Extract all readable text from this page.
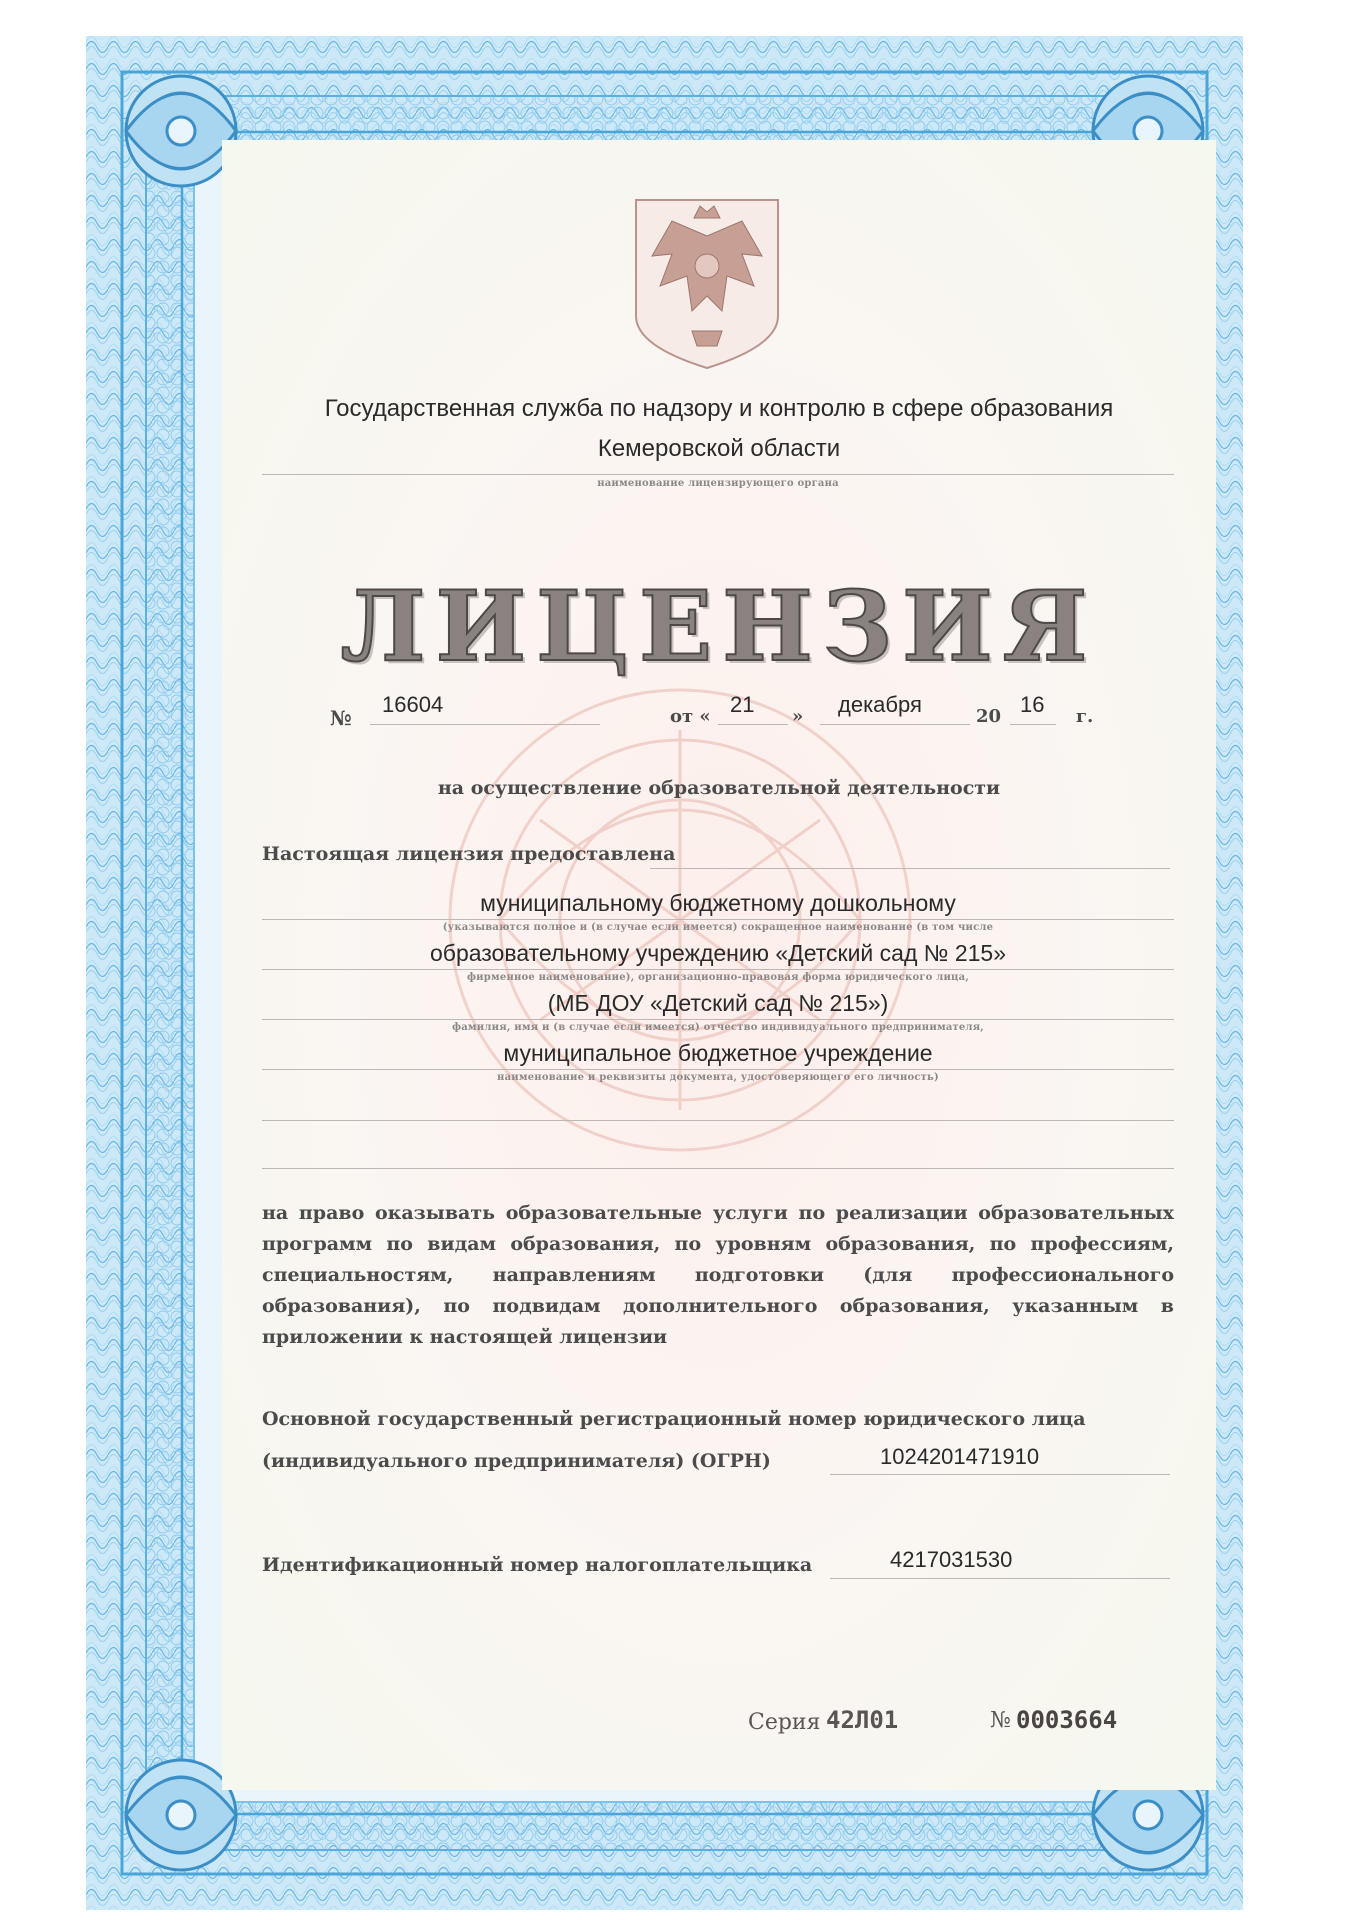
Государственная служба по надзору и контролю в сфере образования
Кемеровской области
наименование лицензирующего органа
ЛИЦЕНЗИЯ
№
16604	от « 21 » декабря	20 16 г.
на осуществление образовательной деятельности
Настоящая лицензия предоставлена
муниципальному бюджетному дошкольному
(указываются полное и (в случае если имеется) сокращенное наименование (в том числе
образовательному учреждению «Детский сад № 215»
фирменное наименование), организационно-правовая форма юридического лица,
(МБ ДОУ «Детский сад № 215»)
фамилия, имя и (в случае если имеется) отчество индивидуального предпринимателя,
муниципальное бюджетное учреждение
наименование и реквизиты документа, удостоверяющего его личность)
на право оказывать образовательные услуги по реализации образовательных
программ по видам образования, по уровням образования, по профессиям,
специальностям, направлениям подготовки (для профессионального
образования), по подвидам дополнительного образования, указанным в
приложении к настоящей лицензии
Основной государственный регистрационный номер юридического лица
(индивидуального предпринимателя) (ОГРН)	1024201471910
Идентификационный номер налогоплательщика	4217031530
Серия 42Л01	№ 0003664
